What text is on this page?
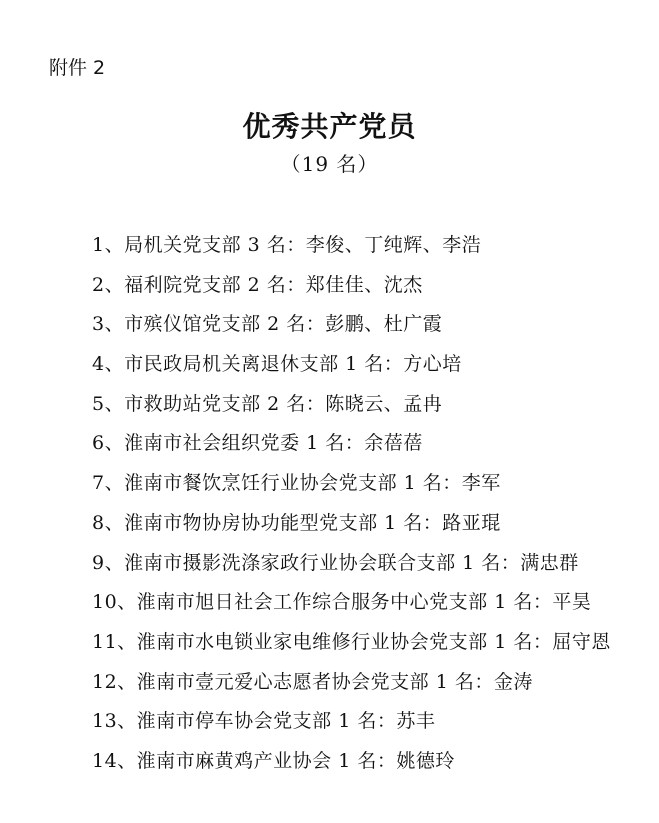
附件 2
优秀共产党员
（19 名）
1、局机关党支部 3 名：李俊、丁纯辉、李浩
2、福利院党支部 2 名：郑佳佳、沈杰
3、市殡仪馆党支部 2 名：彭鹏、杜广霞
4、市民政局机关离退休支部 1 名：方心培
5、市救助站党支部 2 名：陈晓云、孟冉
6、淮南市社会组织党委 1 名：余蓓蓓
7、淮南市餐饮烹饪行业协会党支部 1 名：李军
8、淮南市物协房协功能型党支部 1 名：路亚琨
9、淮南市摄影洗涤家政行业协会联合支部 1 名：满忠群
10、淮南市旭日社会工作综合服务中心党支部 1 名：平昊
11、淮南市水电锁业家电维修行业协会党支部 1 名：屈守恩
12、淮南市壹元爱心志愿者协会党支部 1 名：金涛
13、淮南市停车协会党支部 1 名：苏丰
14、淮南市麻黄鸡产业协会 1 名：姚德玲
